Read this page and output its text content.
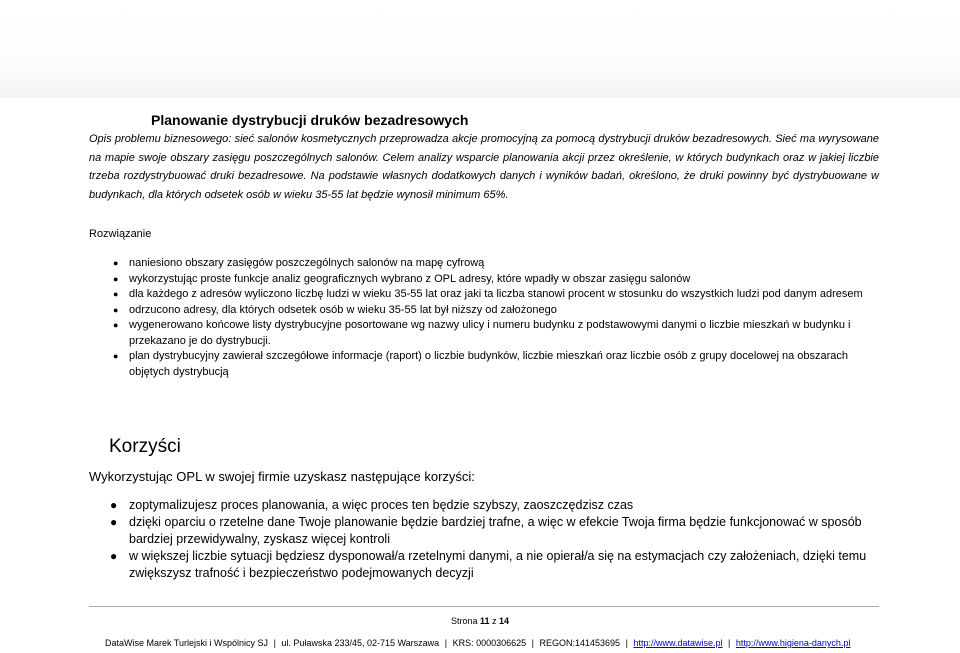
Planowanie dystrybucji druków bezadresowych
Opis problemu biznesowego: sieć salonów kosmetycznych przeprowadza akcje promocyjną za pomocą dystrybucji druków bezadresowych. Sieć ma wyrysowane na mapie swoje obszary zasięgu poszczególnych salonów. Celem analizy wsparcie planowania akcji przez określenie, w których budynkach oraz w jakiej liczbie trzeba rozdystrybuować druki bezadresowe. Na podstawie własnych dodatkowych danych i wyników badań, określono, że druki powinny być dystrybuowane w budynkach, dla których odsetek osób w wieku 35-55 lat będzie wynosił minimum 65%.
Rozwiązanie
● naniesiono obszary zasięgów poszczególnych salonów na mapę cyfrową
● wykorzystując proste funkcje analiz geograficznych wybrano z OPL adresy, które wpadły w obszar zasięgu salonów
● dla każdego z adresów wyliczono liczbę ludzi w wieku 35-55 lat oraz jaki ta liczba stanowi procent w stosunku do wszystkich ludzi pod danym adresem
● odrzucono adresy, dla których odsetek osób w wieku 35-55 lat był niższy od założonego
● wygenerowano końcowe listy dystrybucyjne posortowane wg nazwy ulicy i numeru budynku z podstawowymi danymi o liczbie mieszkań w budynku i przekazano je do dystrybucji.
● plan dystrybucyjny zawierał szczegółowe informacje (raport) o liczbie budynków, liczbie mieszkań oraz liczbie osób z grupy docelowej na obszarach objętych dystrybucją
Korzyści
Wykorzystując OPL w swojej firmie uzyskasz następujące korzyści:
● zoptymalizujesz proces planowania, a więc proces ten będzie szybszy, zaoszczędzisz czas
● dzięki oparciu o rzetelne dane Twoje planowanie będzie bardziej trafne, a więc w efekcie Twoja firma będzie funkcjonować w sposób bardziej przewidywalny, zyskasz więcej kontroli
● w większej liczbie sytuacji będziesz dysponował/a rzetelnymi danymi, a nie opierał/a się na estymacjach czy założeniach, dzięki temu zwiększysz trafność i bezpieczeństwo podejmowanych decyzji
Strona 11 z 14
DataWise Marek Turlejski i Wspólnicy SJ | ul. Puławska 233/45, 02-715 Warszawa | KRS: 0000306625 | REGON:141453695 | http://www.datawise.pl | http://www.higiena-danych.pl
